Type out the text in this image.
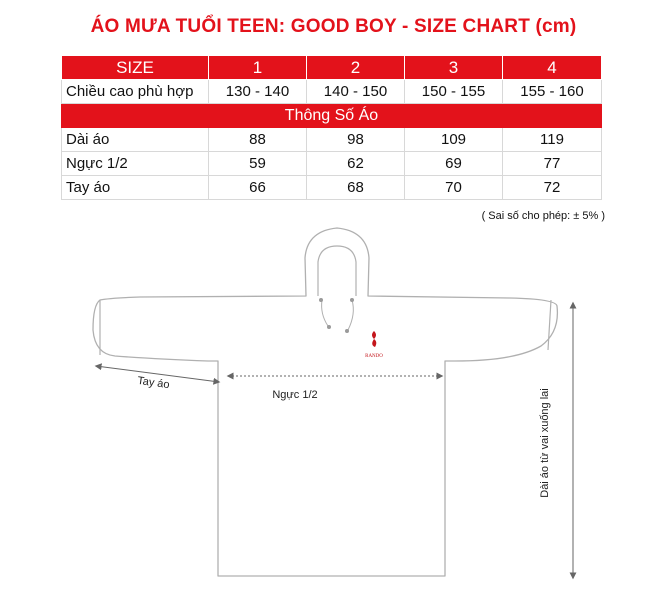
ÁO MƯA TUỔI TEEN: GOOD BOY - SIZE CHART (cm)
SIZE	1	2	3	4
Chiều cao phù hợp	130 - 140	140 - 150	150 - 155	155 - 160
Thông Số Áo				
Dài áo	88	98	109	119
Ngực 1/2	59	62	69	77
Tay áo	66	68	70	72
( Sai số cho phép: ± 5% )
RANDO
Tay áo
Ngực 1/2	Dài áo từ vai xuống lai
